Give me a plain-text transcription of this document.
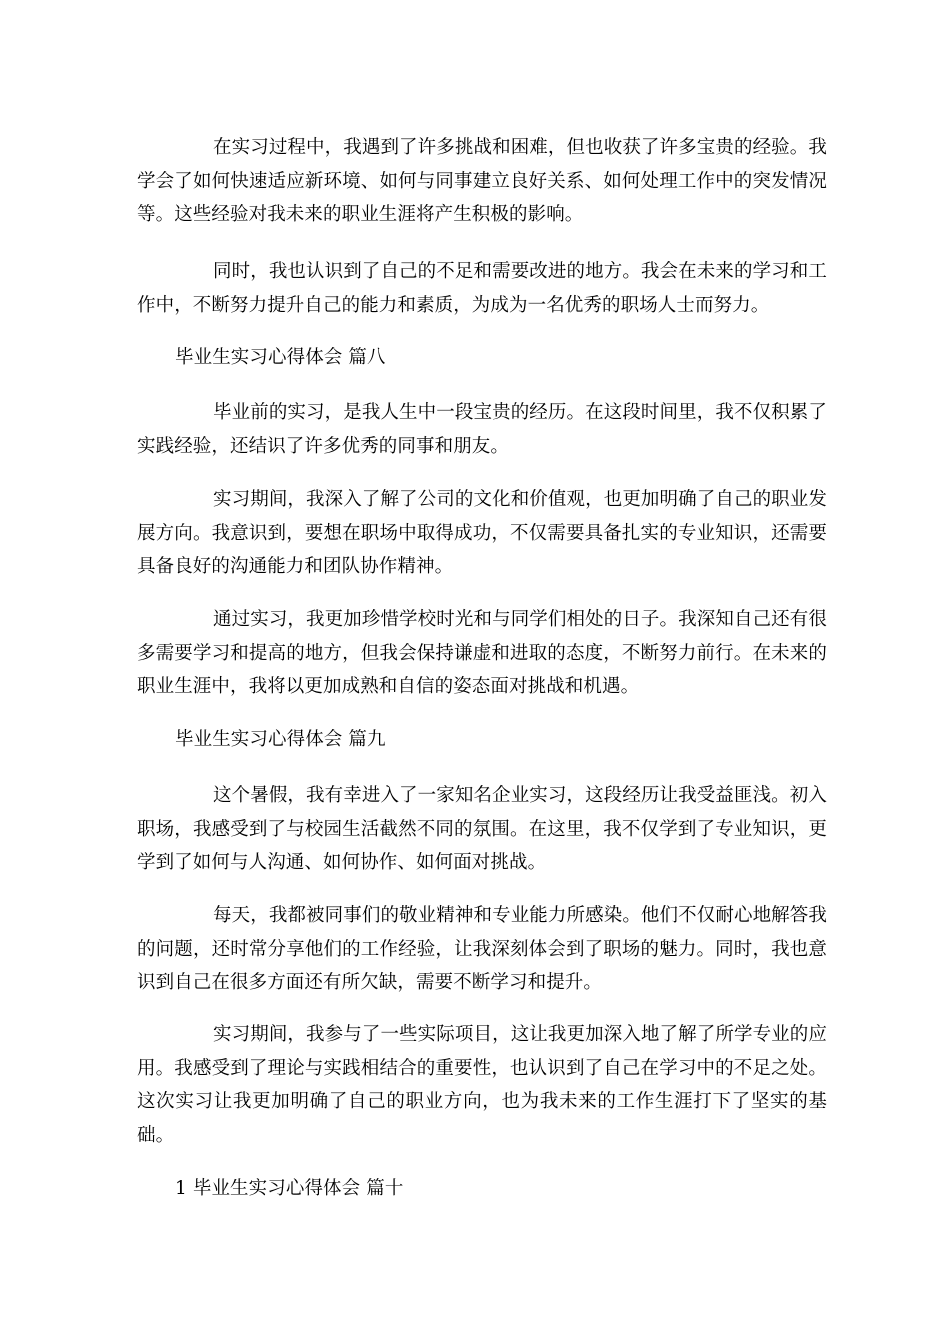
在实习过程中，我遇到了许多挑战和困难，但也收获了许多宝贵的经验。我学会了如何快速适应新环境、如何与同事建立良好关系、如何处理工作中的突发情况等。这些经验对我未来的职业生涯将产生积极的影响。

同时，我也认识到了自己的不足和需要改进的地方。我会在未来的学习和工作中，不断努力提升自己的能力和素质，为成为一名优秀的职场人士而努力。

毕业生实习心得体会 篇八

毕业前的实习，是我人生中一段宝贵的经历。在这段时间里，我不仅积累了实践经验，还结识了许多优秀的同事和朋友。

实习期间，我深入了解了公司的文化和价值观，也更加明确了自己的职业发展方向。我意识到，要想在职场中取得成功，不仅需要具备扎实的专业知识，还需要具备良好的沟通能力和团队协作精神。

通过实习，我更加珍惜学校时光和与同学们相处的日子。我深知自己还有很多需要学习和提高的地方，但我会保持谦虚和进取的态度，不断努力前行。在未来的职业生涯中，我将以更加成熟和自信的姿态面对挑战和机遇。

毕业生实习心得体会 篇九

这个暑假，我有幸进入了一家知名企业实习，这段经历让我受益匪浅。初入职场，我感受到了与校园生活截然不同的氛围。在这里，我不仅学到了专业知识，更学到了如何与人沟通、如何协作、如何面对挑战。

每天，我都被同事们的敬业精神和专业能力所感染。他们不仅耐心地解答我的问题，还时常分享他们的工作经验，让我深刻体会到了职场的魅力。同时，我也意识到自己在很多方面还有所欠缺，需要不断学习和提升。

实习期间，我参与了一些实际项目，这让我更加深入地了解了所学专业的应用。我感受到了理论与实践相结合的重要性，也认识到了自己在学习中的不足之处。这次实习让我更加明确了自己的职业方向，也为我未来的工作生涯打下了坚实的基础。

1 毕业生实习心得体会 篇十
